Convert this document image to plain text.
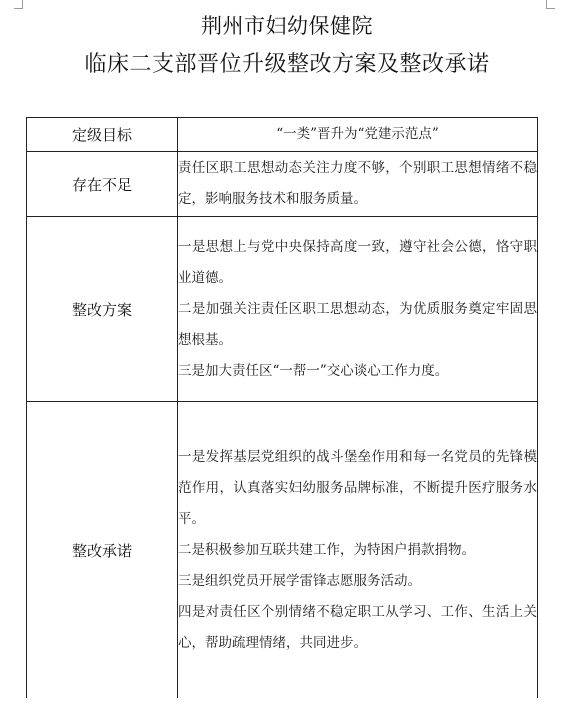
荆州市妇幼保健院
临床二支部晋位升级整改方案及整改承诺
定级目标	“一类”晋升为“党建示范点”

存在不足	责任区职工思想动态关注力度不够，个别职工思想情绪不稳定，影响服务技术和服务质量。

整改方案	一是思想上与党中央保持高度一致，遵守社会公德，恪守职业道德。

二是加强关注责任区职工思想动态，为优质服务奠定牢固思想根基。

三是加大责任区“一帮一”交心谈心工作力度。

整改承诺	一是发挥基层党组织的战斗堡垒作用和每一名党员的先锋模范作用，认真落实妇幼服务品牌标准，不断提升医疗服务水平。

二是积极参加互联共建工作，为特困户捐款捐物。

三是组织党员开展学雷锋志愿服务活动。

四是对责任区个别情绪不稳定职工从学习、工作、生活上关心，帮助疏理情绪，共同进步。
